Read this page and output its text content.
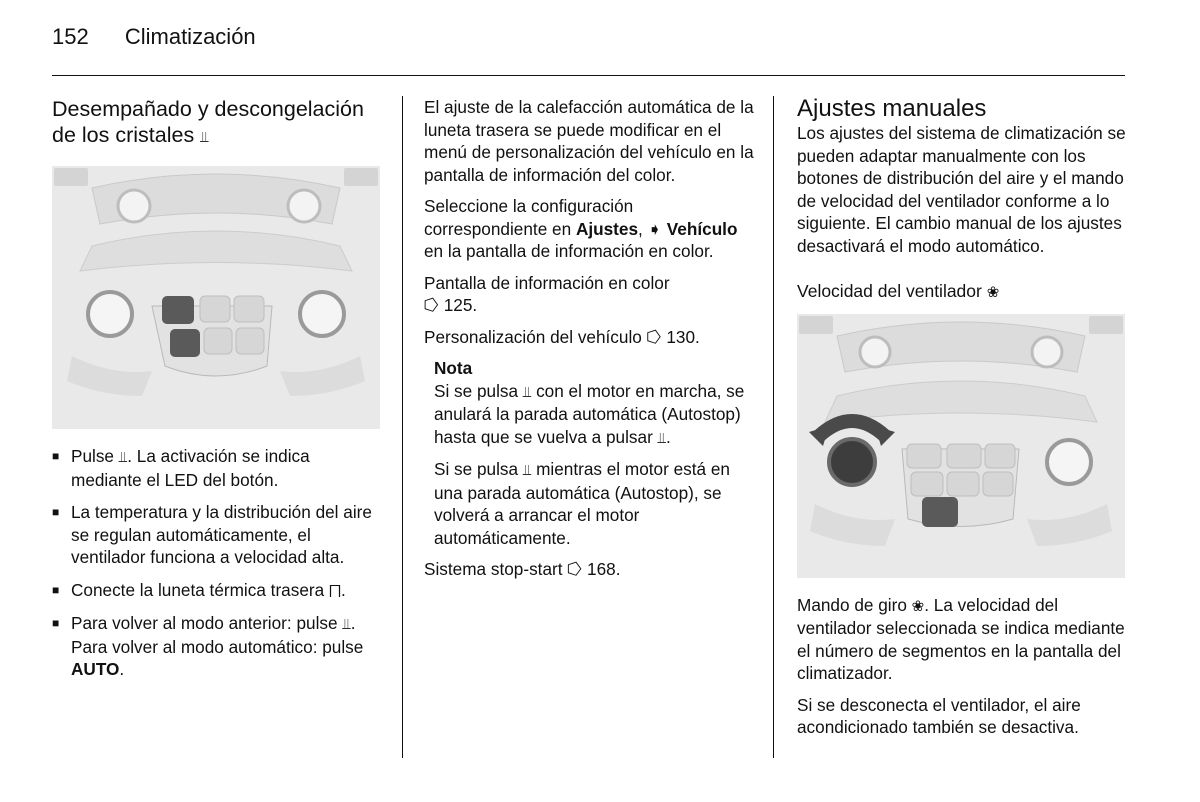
152 Climatización
Desempañado y descongelación de los cristales ⫫
■ Pulse ⫫. La activación se indica mediante el LED del botón.
■ La temperatura y la distribución del aire se regulan automáticamente, el ventilador funciona a velocidad alta.
■ Conecte la luneta térmica trasera ⨅.
■ Para volver al modo anterior: pulse ⫫. Para volver al modo automático: pulse AUTO.

El ajuste de la calefacción automática de la luneta trasera se puede modificar en el menú de personalización del vehículo en la pantalla de información del color.

Seleccione la configuración correspondiente en Ajustes, ➧ Vehículo en la pantalla de información en color.

Pantalla de información en color
⭔ 125.

Personalización del vehículo ⭔ 130.

Nota

Si se pulsa ⫫ con el motor en marcha, se anulará la parada automática (Autostop) hasta que se vuelva a pulsar ⫫.

Si se pulsa ⫫ mientras el motor está en una parada automática (Autostop), se volverá a arrancar el motor automáticamente.

Sistema stop-start ⭔ 168.

Ajustes manuales

Los ajustes del sistema de climatización se pueden adaptar manualmente con los botones de distribución del aire y el mando de velocidad del ventilador conforme a lo siguiente. El cambio manual de los ajustes desactivará el modo automático.

Velocidad del ventilador ❀

Mando de giro ❀. La velocidad del ventilador seleccionada se indica mediante el número de segmentos en la pantalla del climatizador.

Si se desconecta el ventilador, el aire acondicionado también se desactiva.
